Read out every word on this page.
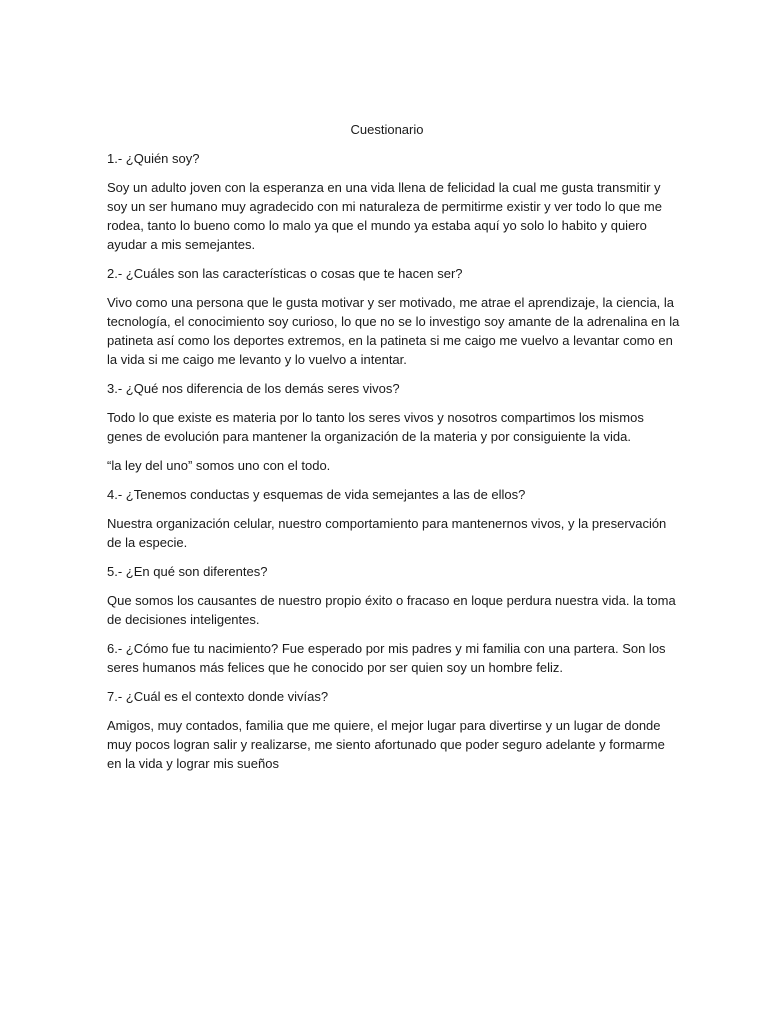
Cuestionario

1.- ¿Quién soy?

Soy un adulto joven con la esperanza en una vida llena de felicidad la cual me gusta transmitir y
soy un ser humano muy agradecido con mi naturaleza de permitirme existir y ver todo lo que me
rodea, tanto lo bueno como lo malo ya que el mundo ya estaba aquí yo solo lo habito y quiero
ayudar a mis semejantes.

2.- ¿Cuáles son las características o cosas que te hacen ser?

Vivo como una persona que le gusta motivar y ser motivado, me atrae el aprendizaje, la ciencia, la
tecnología, el conocimiento soy curioso, lo que no se lo investigo soy amante de la adrenalina en la
patineta así como los deportes extremos, en la patineta si me caigo me vuelvo a levantar como en
la vida si me caigo me levanto y lo vuelvo a intentar.

3.- ¿Qué nos diferencia de los demás seres vivos?

Todo lo que existe es materia por lo tanto los seres vivos y nosotros compartimos los mismos
genes de evolución para mantener la organización de la materia y por consiguiente la vida.

“la ley del uno” somos uno con el todo.

4.- ¿Tenemos conductas y esquemas de vida semejantes a las de ellos?

Nuestra organización celular, nuestro comportamiento para mantenernos vivos, y la preservación
de la especie.

5.- ¿En qué son diferentes?

Que somos los causantes de nuestro propio éxito o fracaso en loque perdura nuestra vida. la toma
de decisiones inteligentes.

6.- ¿Cómo fue tu nacimiento? Fue esperado por mis padres y mi familia con una partera. Son los
seres humanos más felices que he conocido por ser quien soy un hombre feliz.

7.- ¿Cuál es el contexto donde vivías?

Amigos, muy contados, familia que me quiere, el mejor lugar para divertirse y un lugar de donde
muy pocos logran salir y realizarse, me siento afortunado que poder seguro adelante y formarme
en la vida y lograr mis sueños
